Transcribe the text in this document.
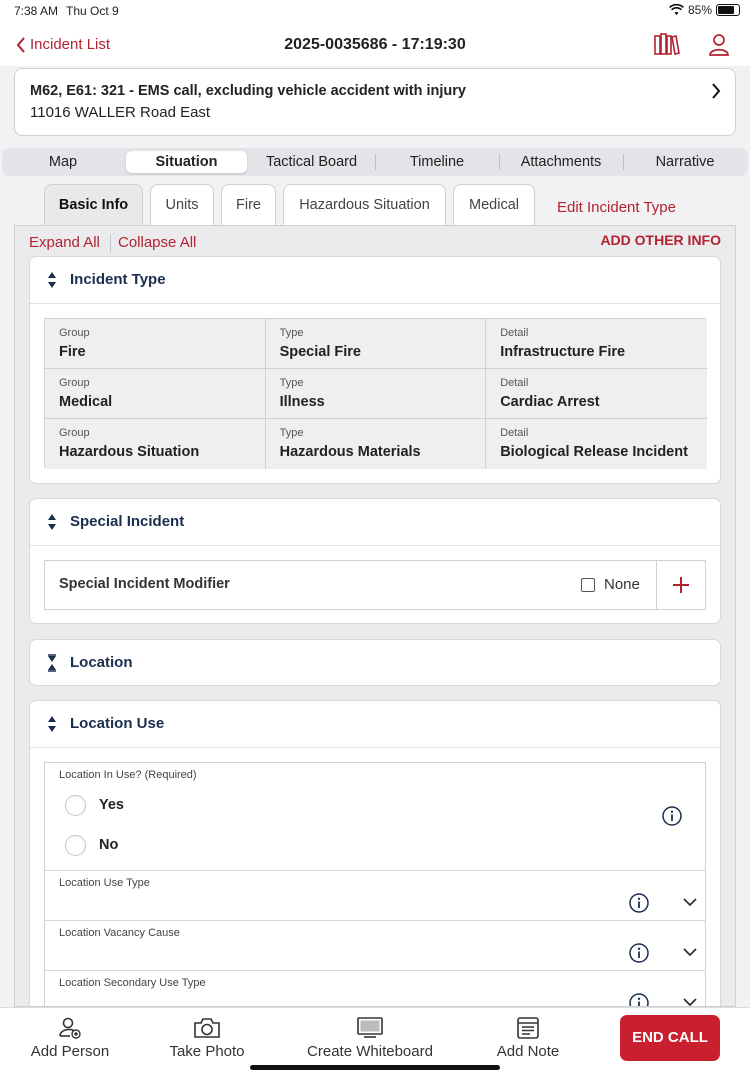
7:38 AM Thu Oct 9	85%
2025-0035686 - 17:19:30
Incident List
M62, E61: 321 - EMS call, excluding vehicle accident with injury
11016 WALLER Road East
Map	Situation	Tactical Board	Timeline	Attachments	Narrative
Basic Info	Units	Fire	Hazardous Situation	Medical	Edit Incident Type
Expand All Collapse All	ADD OTHER INFO
Incident Type
Group
Fire
Type
Special Fire
Detail
Infrastructure Fire
Group
Medical
Type
Illness
Detail
Cardiac Arrest
Group
Hazardous Situation
Type
Hazardous Materials
Detail
Biological Release Incident
Special Incident
Special Incident Modifier	None
Location
Location Use
Location In Use? (Required)
Yes
No
Location Use Type
Location Vacancy Cause
Location Secondary Use Type
Add Person	Take Photo	Create Whiteboard	Add Note
END CALL
